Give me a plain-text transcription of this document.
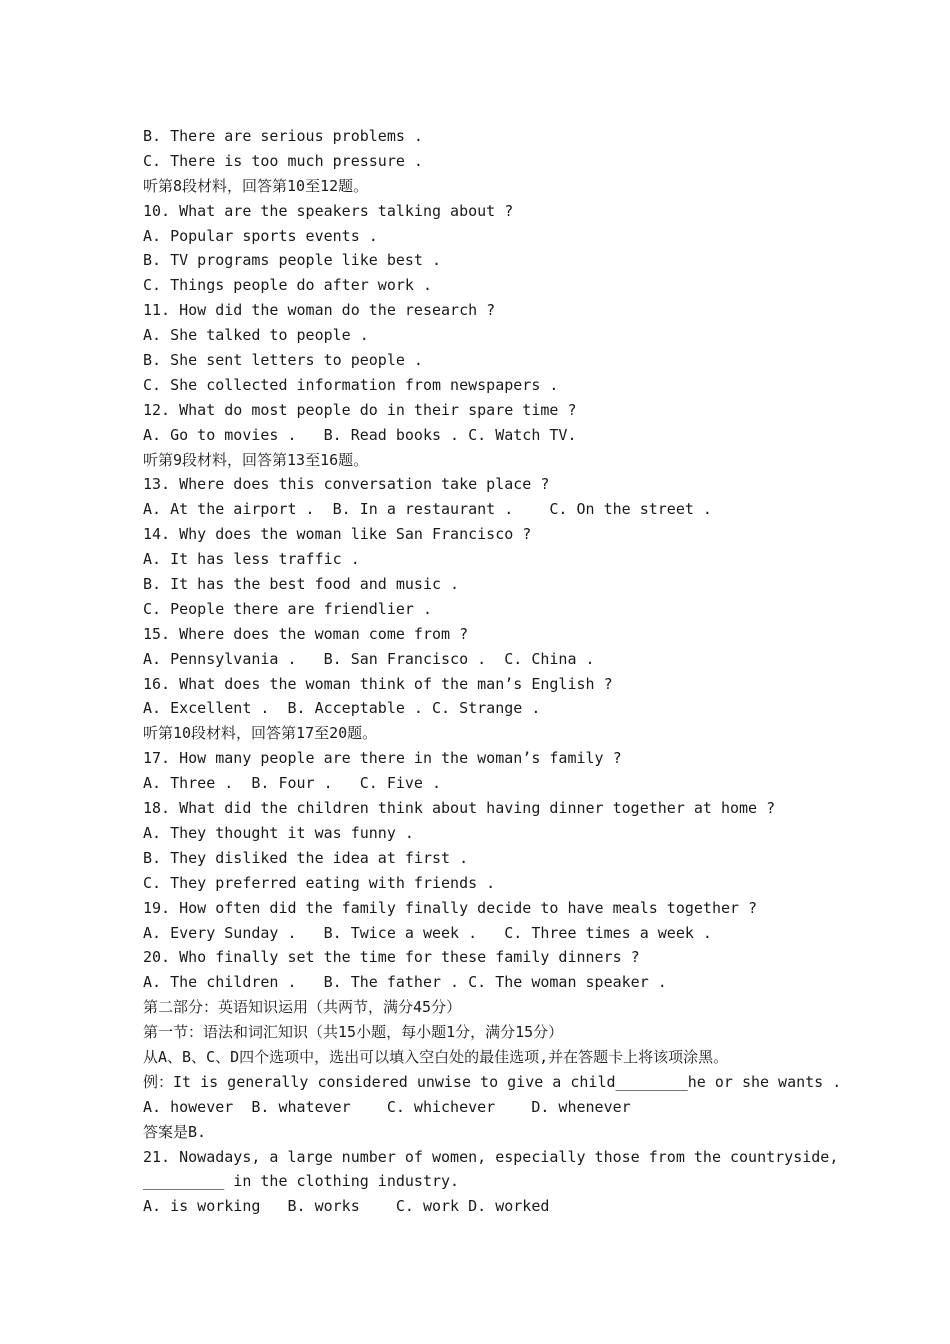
B. There are serious problems .
C. There is too much pressure .
听第8段材料，回答第10至12题。
10. What are the speakers talking about ?
A. Popular sports events .
B. TV programs people like best .
C. Things people do after work .
11. How did the woman do the research ?
A. She talked to people .
B. She sent letters to people .
C. She collected information from newspapers .
12. What do most people do in their spare time ?
A. Go to movies .   B. Read books . C. Watch TV.
听第9段材料，回答第13至16题。
13. Where does this conversation take place ?
A. At the airport .  B. In a restaurant .    C. On the street .
14. Why does the woman like San Francisco ?
A. It has less traffic .
B. It has the best food and music .
C. People there are friendlier .
15. Where does the woman come from ?
A. Pennsylvania .   B. San Francisco .  C. China .
16. What does the woman think of the man’s English ?
A. Excellent .  B. Acceptable . C. Strange .
听第10段材料，回答第17至20题。
17. How many people are there in the woman’s family ?
A. Three .  B. Four .   C. Five .
18. What did the children think about having dinner together at home ?
A. They thought it was funny .
B. They disliked the idea at first .
C. They preferred eating with friends .
19. How often did the family finally decide to have meals together ?
A. Every Sunday .   B. Twice a week .   C. Three times a week .
20. Who finally set the time for these family dinners ?
A. The children .   B. The father . C. The woman speaker .
第二部分：英语知识运用（共两节，满分45分）
第一节：语法和词汇知识（共15小题，每小题1分，满分15分）
从A、B、C、D四个选项中，选出可以填入空白处的最佳选项,并在答题卡上将该项涂黑。
例：It is generally considered unwise to give a child________he or she wants .
A. however  B. whatever    C. whichever    D. whenever
答案是B.
21. Nowadays, a large number of women, especially those from the countryside,
_________ in the clothing industry.
A. is working   B. works    C. work D. worked
